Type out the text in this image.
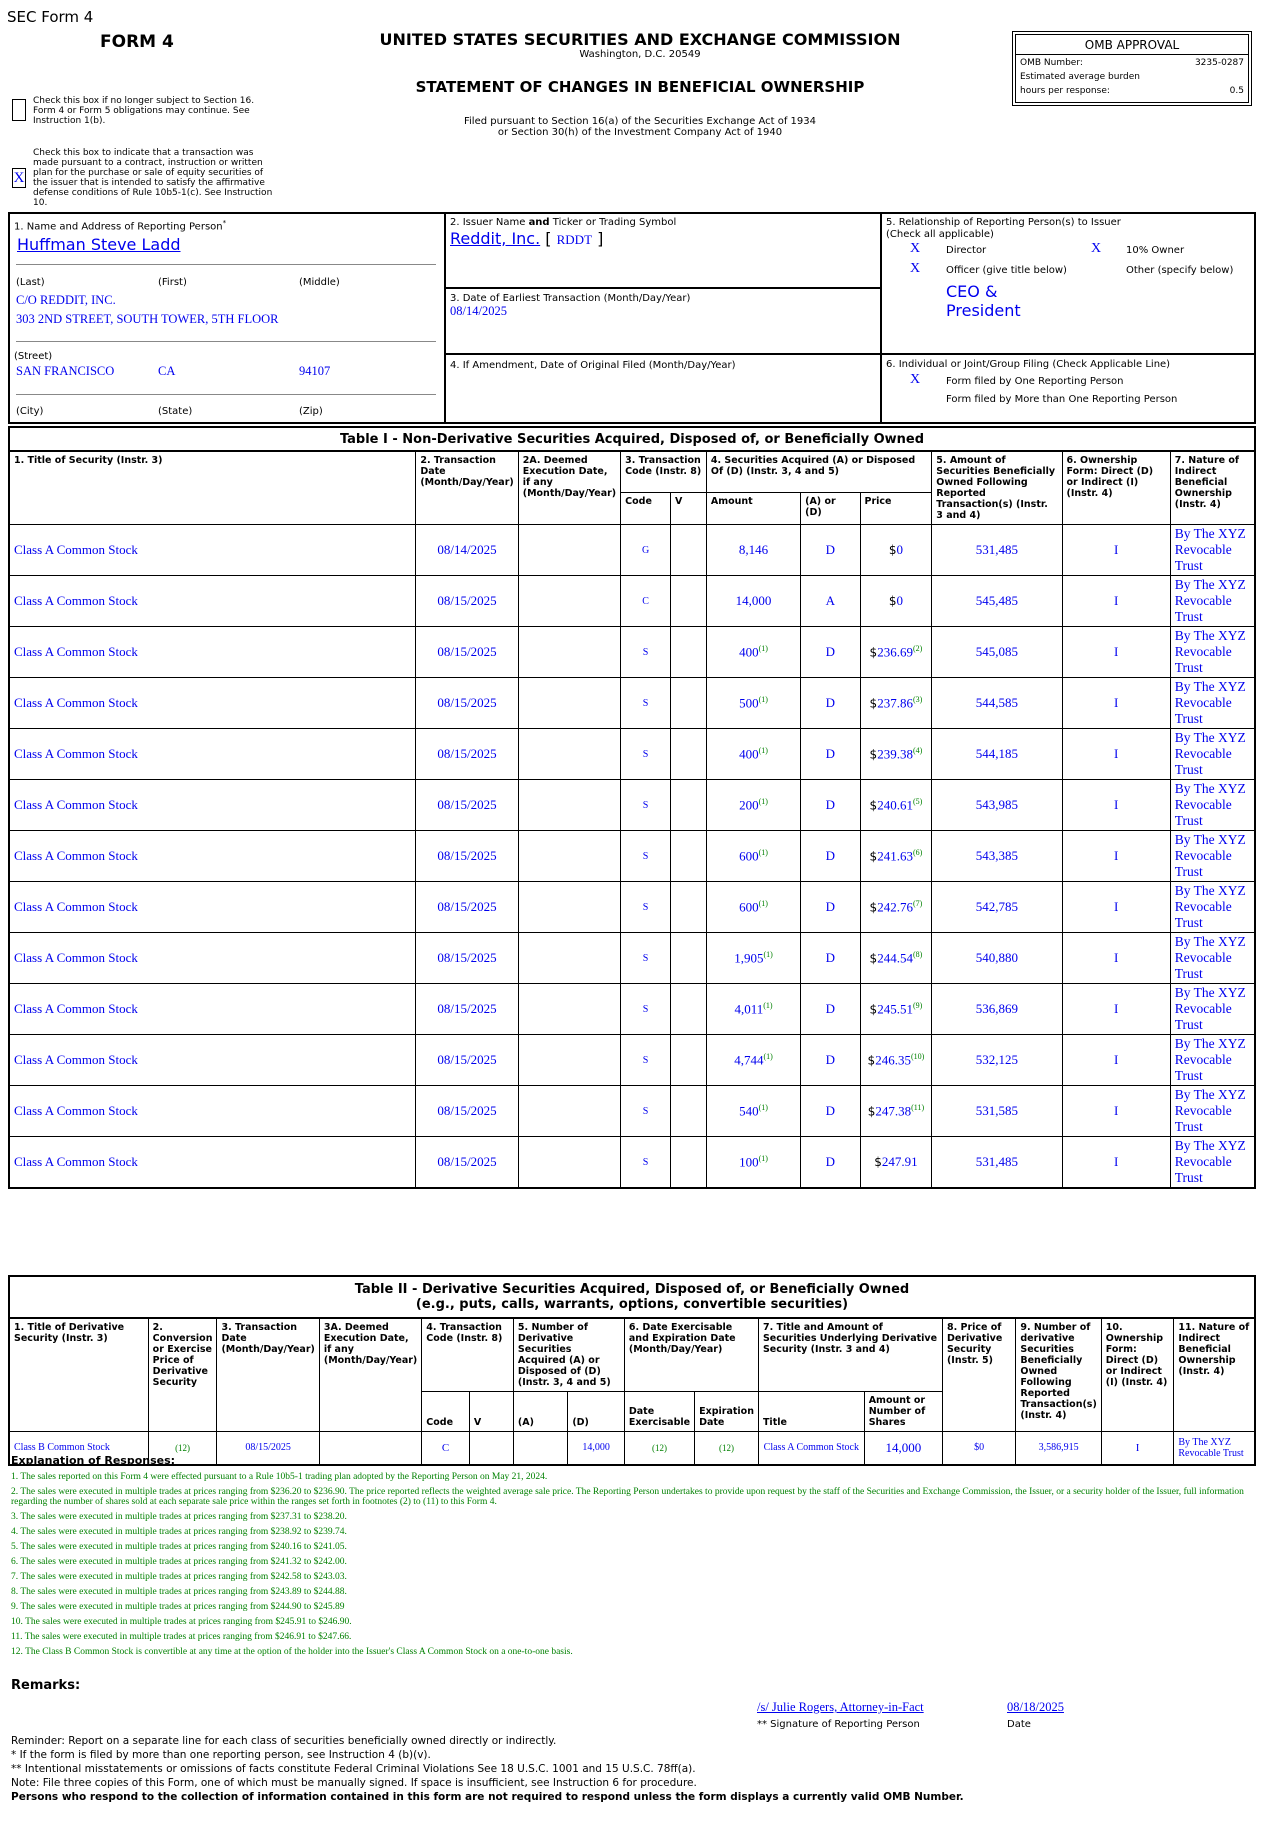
SEC Form 4
FORM 4	UNITED STATES SECURITIES AND EXCHANGE COMMISSION
Washington, D.C. 20549
STATEMENT OF CHANGES IN BENEFICIAL OWNERSHIP
Filed pursuant to Section 16(a) of the Securities Exchange Act of 1934
or Section 30(h) of the Investment Company Act of 1940
OMB APPROVAL
OMB Number:	3235-0287
Estimated average burden
hours per response:	0.5
Check this box if no longer subject to Section 16. Form 4 or Form 5 obligations may continue. See Instruction 1(b).
X
Check this box to indicate that a transaction was made pursuant to a contract, instruction or written plan for the purchase or sale of equity securities of the issuer that is intended to satisfy the affirmative defense conditions of Rule 10b5-1(c). See Instruction 10.
1. Name and Address of Reporting Person*
Huffman Steve Ladd
(Last)	(First)	(Middle)
C/O REDDIT, INC.
303 2ND STREET, SOUTH TOWER, 5TH FLOOR
(Street)
SAN FRANCISCO	CA	94107
(City)	(State)	(Zip)
2. Issuer Name and Ticker or Trading Symbol
Reddit, Inc. [ RDDT ]
3. Date of Earliest Transaction (Month/Day/Year)
08/14/2025
4. If Amendment, Date of Original Filed (Month/Day/Year)
5. Relationship of Reporting Person(s) to Issuer
(Check all applicable)
X	Director	X 10% Owner
X	Officer (give title below)	Other (specify below)
CEO &
President
6. Individual or Joint/Group Filing (Check Applicable Line)
X	Form filed by One Reporting Person
Form filed by More than One Reporting Person
Table I - Non-Derivative Securities Acquired, Disposed of, or Beneficially Owned										
1. Title of Security (Instr. 3)	2. Transaction Date (Month/Day/Year)	2A. Deemed Execution Date, if any (Month/Day/Year)	3. Transaction Code (Instr. 8)		4. Securities Acquired (A) or Disposed Of (D) (Instr. 3, 4 and 5)			5. Amount of Securities Beneficially Owned Following Reported Transaction(s) (Instr. 3 and 4)	6. Ownership Form: Direct (D) or Indirect (I) (Instr. 4)	7. Nature of Indirect Beneficial Ownership (Instr. 4)
			Code	V	Amount	(A) or (D)	Price			
Class A Common Stock	08/14/2025		G		8,146	D	$0	531,485	I	By The XYZ Revocable Trust
Class A Common Stock	08/15/2025		C		14,000	A	$0	545,485	I	By The XYZ Revocable Trust
Class A Common Stock	08/15/2025		S		400$^{(1)}$	D	$236.69$^{(2)}$	545,085	I	By The XYZ Revocable Trust
Class A Common Stock	08/15/2025		S		500$^{(1)}$	D	$237.86$^{(3)}$	544,585	I	By The XYZ Revocable Trust
Class A Common Stock	08/15/2025		S		400$^{(1)}$	D	$239.38$^{(4)}$	544,185	I	By The XYZ Revocable Trust
Class A Common Stock	08/15/2025		S		200$^{(1)}$	D	$240.61$^{(5)}$	543,985	I	By The XYZ Revocable Trust
Class A Common Stock	08/15/2025		S		600$^{(1)}$	D	$241.63$^{(6)}$	543,385	I	By The XYZ Revocable Trust
Class A Common Stock	08/15/2025		S		600$^{(1)}$	D	$242.76$^{(7)}$	542,785	I	By The XYZ Revocable Trust
Class A Common Stock	08/15/2025		S		1,905$^{(1)}$	D	$244.54$^{(8)}$	540,880	I	By The XYZ Revocable Trust
Class A Common Stock	08/15/2025		S		4,011$^{(1)}$	D	$245.51$^{(9)}$	536,869	I	By The XYZ Revocable Trust
Class A Common Stock	08/15/2025		S		4,744$^{(1)}$	D	$246.35$^{(10)}$	532,125	I	By The XYZ Revocable Trust
Class A Common Stock	08/15/2025		S		540$^{(1)}$	D	$247.38$^{(11)}$	531,585	I	By The XYZ Revocable Trust
Class A Common Stock	08/15/2025		S		100$^{(1)}$	D	$247.91	531,485	I	By The XYZ Revocable Trust
Table II - Derivative Securities Acquired, Disposed of, or Beneficially Owned
(e.g., puts, calls, warrants, options, convertible securities)															

1. Title of Derivative Security (Instr. 3)	2. Conversion or Exercise Price of Derivative Security	3. Transaction Date (Month/Day/Year)	3A. Deemed Execution Date, if any (Month/Day/Year)	4. Transaction Code (Instr. 8)		5. Number of Derivative Securities Acquired (A) or Disposed of (D) (Instr. 3, 4 and 5)		6. Date Exercisable and Expiration Date (Month/Day/Year)		7. Title and Amount of Securities Underlying Derivative Security (Instr. 3 and 4)		8. Price of Derivative Security (Instr. 5)	9. Number of derivative Securities Beneficially Owned Following Reported Transaction(s) (Instr. 4)	10. Ownership Form: Direct (D) or Indirect (I) (Instr. 4)	11. Nature of Indirect Beneficial Ownership (Instr. 4)
				Code	V	(A)	(D)	Date Exercisable	Expiration Date	Title	Amount or Number of Shares				
Class B Common Stock	(12)	08/15/2025		C			14,000	(12)	(12)	Class A Common Stock	14,000	$0	3,586,915	I	By The XYZ Revocable Trust
Explanation of Responses:

1. The sales reported on this Form 4 were effected pursuant to a Rule 10b5-1 trading plan adopted by the Reporting Person on May 21, 2024.

2. The sales were executed in multiple trades at prices ranging from $236.20 to $236.90. The price reported reflects the weighted average sale price. The Reporting Person undertakes to provide upon request by the staff of the Securities and Exchange Commission, the Issuer, or a security holder of the Issuer, full information regarding the number of shares sold at each separate sale price within the ranges set forth in footnotes (2) to (11) to this Form 4.

3. The sales were executed in multiple trades at prices ranging from $237.31 to $238.20.

4. The sales were executed in multiple trades at prices ranging from $238.92 to $239.74.

5. The sales were executed in multiple trades at prices ranging from $240.16 to $241.05.

6. The sales were executed in multiple trades at prices ranging from $241.32 to $242.00.

7. The sales were executed in multiple trades at prices ranging from $242.58 to $243.03.

8. The sales were executed in multiple trades at prices ranging from $243.89 to $244.88.

9. The sales were executed in multiple trades at prices ranging from $244.90 to $245.89

10. The sales were executed in multiple trades at prices ranging from $245.91 to $246.90.

11. The sales were executed in multiple trades at prices ranging from $246.91 to $247.66.

12. The Class B Common Stock is convertible at any time at the option of the holder into the Issuer's Class A Common Stock on a one-to-one basis.

Remarks:
/s/ Julie Rogers, Attorney-in-Fact	08/18/2025
** Signature of Reporting Person	Date

Reminder: Report on a separate line for each class of securities beneficially owned directly or indirectly.

* If the form is filed by more than one reporting person, see Instruction 4 (b)(v).

** Intentional misstatements or omissions of facts constitute Federal Criminal Violations See 18 U.S.C. 1001 and 15 U.S.C. 78ff(a).

Note: File three copies of this Form, one of which must be manually signed. If space is insufficient, see Instruction 6 for procedure.

Persons who respond to the collection of information contained in this form are not required to respond unless the form displays a currently valid OMB Number.
